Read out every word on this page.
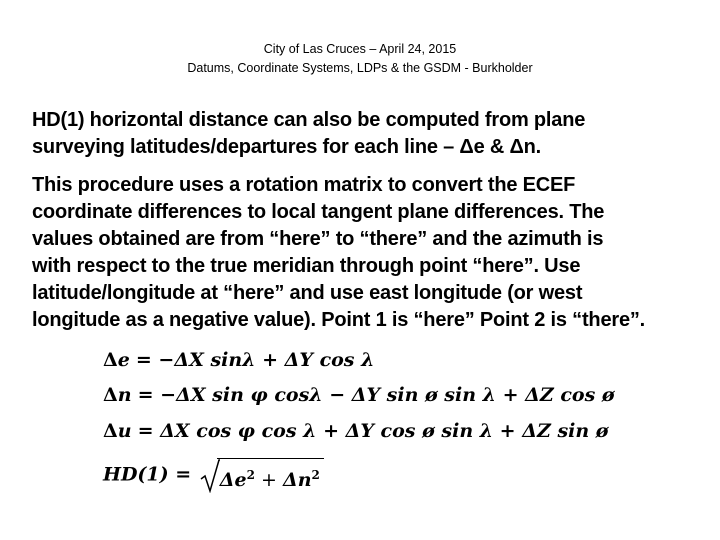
City of Las Cruces – April 24, 2015
Datums, Coordinate Systems, LDPs & the GSDM - Burkholder
HD(1) horizontal distance can also be computed from plane
surveying latitudes/departures for each line – Δe & Δn.
This procedure uses a rotation matrix to convert the ECEF
coordinate differences to local tangent plane differences. The
values obtained are from “here” to “there” and the azimuth is
with respect to the true meridian through point “here”. Use
latitude/longitude at “here” and use east longitude (or west
longitude as a negative value). Point 1 is “here” Point 2 is “there”.
Δe = −ΔX sinλ + ΔY cos λ
Δn = −ΔX sin φ cosλ − ΔY sin ø sin λ + ΔZ cos ø
Δu = ΔX cos φ cos λ + ΔY cos ø sin λ + ΔZ sin ø
$HD(1) = \Delta e^2 + \Delta n^2$
